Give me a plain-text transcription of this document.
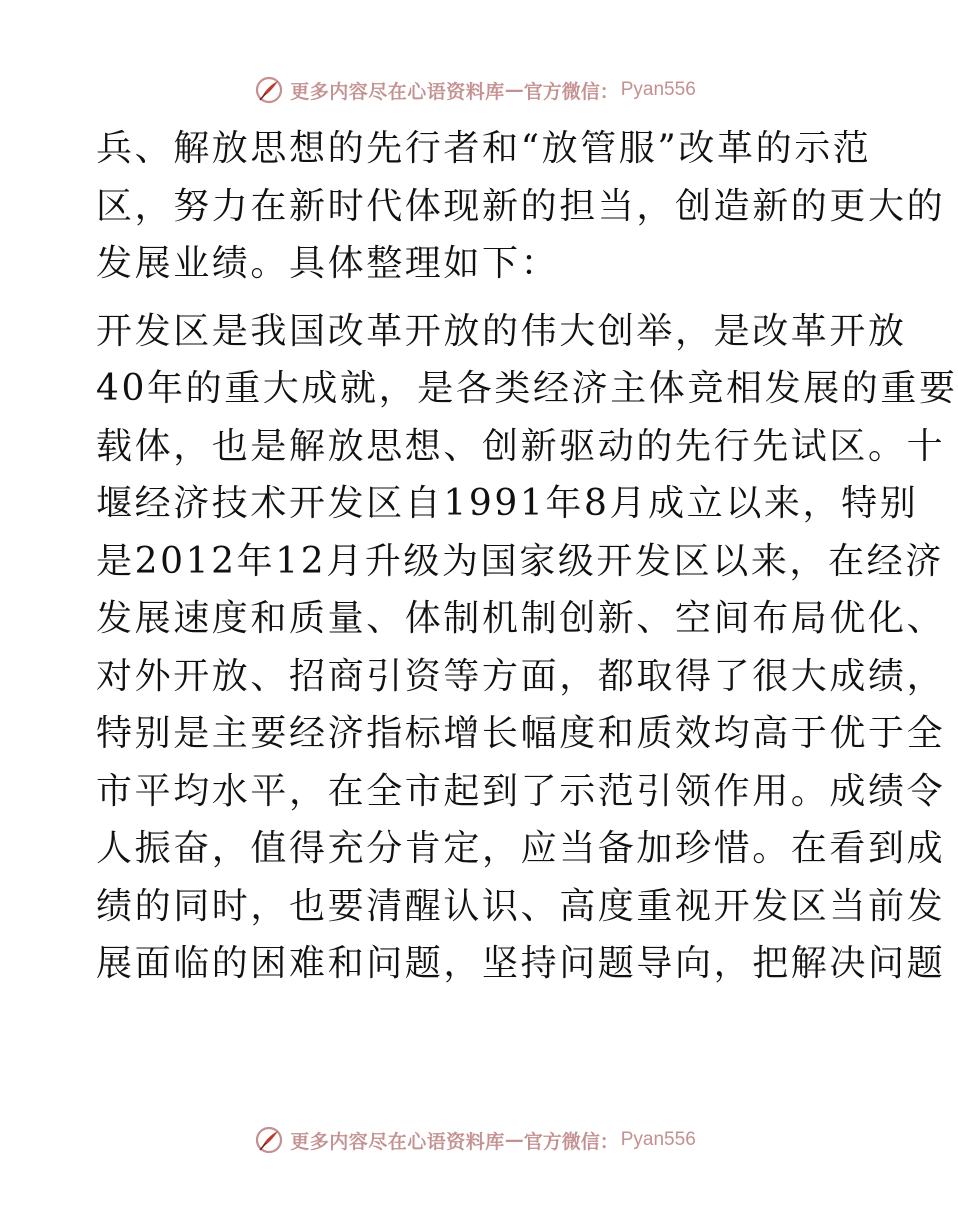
更多内容尽在心语资料库 — 官方微信： Pyan556
兵、解放思想的先行者和“放管服”改革的示范
区，努力在新时代体现新的担当，创造新的更大的
发展业绩。具体整理如下：
开发区是我国改革开放的伟大创举，是改革开放
40年的重大成就，是各类经济主体竞相发展的重要
载体，也是解放思想、创新驱动的先行先试区。十
堰经济技术开发区自1991年8月成立以来，特别
是2012年12月升级为国家级开发区以来，在经济
发展速度和质量、体制机制创新、空间布局优化、
对外开放、招商引资等方面，都取得了很大成绩，
特别是主要经济指标增长幅度和质效均高于优于全
市平均水平，在全市起到了示范引领作用。成绩令
人振奋，值得充分肯定，应当备加珍惜。在看到成
绩的同时，也要清醒认识、高度重视开发区当前发
展面临的困难和问题，坚持问题导向，把解决问题
更多内容尽在心语资料库 — 官方微信： Pyan556
